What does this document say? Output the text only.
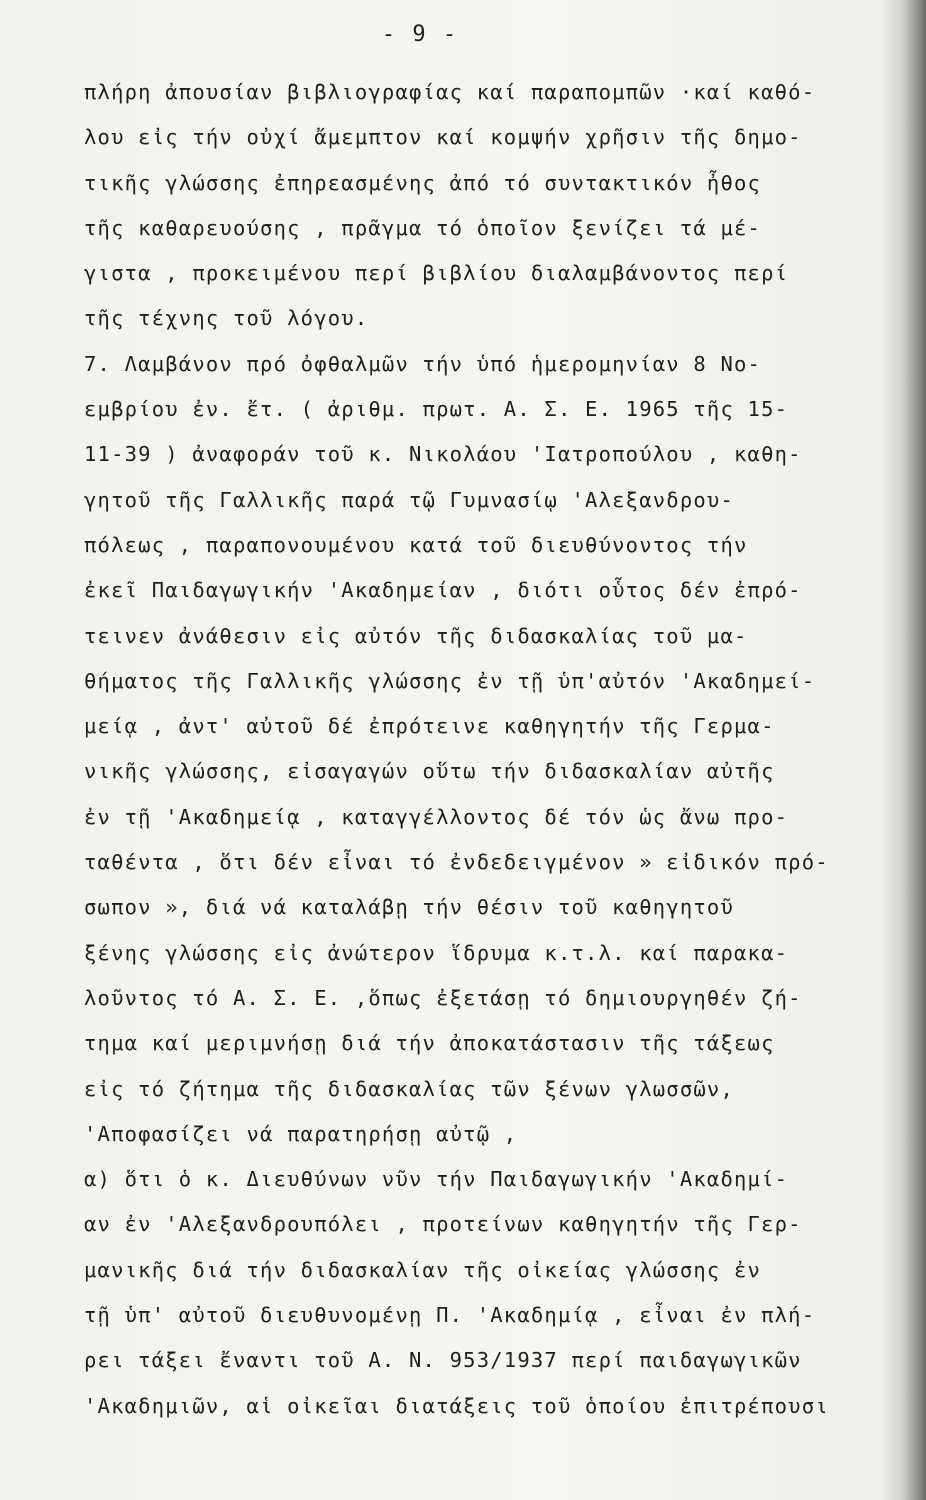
- 9 -
πλήρη ἀπουσίαν βιβλιογραφίας καί παραπομπῶν ·καί καθό-
λου εἰς τήν οὐχί ἄμεμπτον καί κομψήν χρῆσιν τῆς δημο-
τικῆς γλώσσης ἐπηρεασμένης ἀπό τό συντακτικόν ἦθος
τῆς καθαρευούσης , πρᾶγμα τό ὁποῖον ξενίζει τά μέ-
γιστα , προκειμένου περί βιβλίου διαλαμβάνοντος περί
τῆς τέχνης τοῦ λόγου.
7. Λαμβάνον πρό ὀφθαλμῶν τήν ὑπό ἡμερομηνίαν 8 Νο-
εμβρίου ἐν. ἔτ. ( ἀριθμ. πρωτ. Α. Σ. Ε. 1965 τῆς 15-
11-39 ) ἀναφοράν τοῦ κ. Νικολάου 'Ιατροπούλου , καθη-
γητοῦ τῆς Γαλλικῆς παρά τῷ Γυμνασίῳ 'Αλεξανδρου-
πόλεως , παραπονουμένου κατά τοῦ διευθύνοντος τήν
ἐκεῖ Παιδαγωγικήν 'Ακαδημείαν , διότι οὗτος δέν ἐπρό-
τεινεν ἀνάθεσιν εἰς αὐτόν τῆς διδασκαλίας τοῦ μα-
θήματος τῆς Γαλλικῆς γλώσσης ἐν τῇ ὑπ'αὐτόν 'Ακαδημεί-
μείᾳ , ἀντ' αὐτοῦ δέ ἐπρότεινε καθηγητήν τῆς Γερμα-
νικῆς γλώσσης, εἰσαγαγών οὕτω τήν διδασκαλίαν αὐτῆς
ἐν τῇ 'Ακαδημείᾳ , καταγγέλλοντος δέ τόν ὡς ἄνω προ-
ταθέντα , ὅτι δέν εἶναι τό ἐνδεδειγμένον » εἰδικόν πρό-
σωπον », διά νά καταλάβῃ τήν θέσιν τοῦ καθηγητοῦ
ξένης γλώσσης εἰς ἀνώτερον ἵδρυμα κ.τ.λ. καί παρακα-
λοῦντος τό Α. Σ. Ε. ,ὅπως ἐξετάσῃ τό δημιουργηθέν ζή-
τημα καί μεριμνήσῃ διά τήν ἀποκατάστασιν τῆς τάξεως
εἰς τό ζήτημα τῆς διδασκαλίας τῶν ξένων γλωσσῶν,
'Αποφασίζει νά παρατηρήσῃ αὐτῷ ,
α) ὅτι ὁ κ. Διευθύνων νῦν τήν Παιδαγωγικήν 'Ακαδημί-
αν ἐν 'Αλεξανδρουπόλει , προτείνων καθηγητήν τῆς Γερ-
μανικῆς διά τήν διδασκαλίαν τῆς οἰκείας γλώσσης ἐν
τῇ ὑπ' αὐτοῦ διευθυνομένῃ Π. 'Ακαδημίᾳ , εἶναι ἐν πλή-
ρει τάξει ἔναντι τοῦ Α. Ν. 953/1937 περί παιδαγωγικῶν
'Ακαδημιῶν, αἱ οἰκεῖαι διατάξεις τοῦ ὁποίου ἐπιτρέπουσι
